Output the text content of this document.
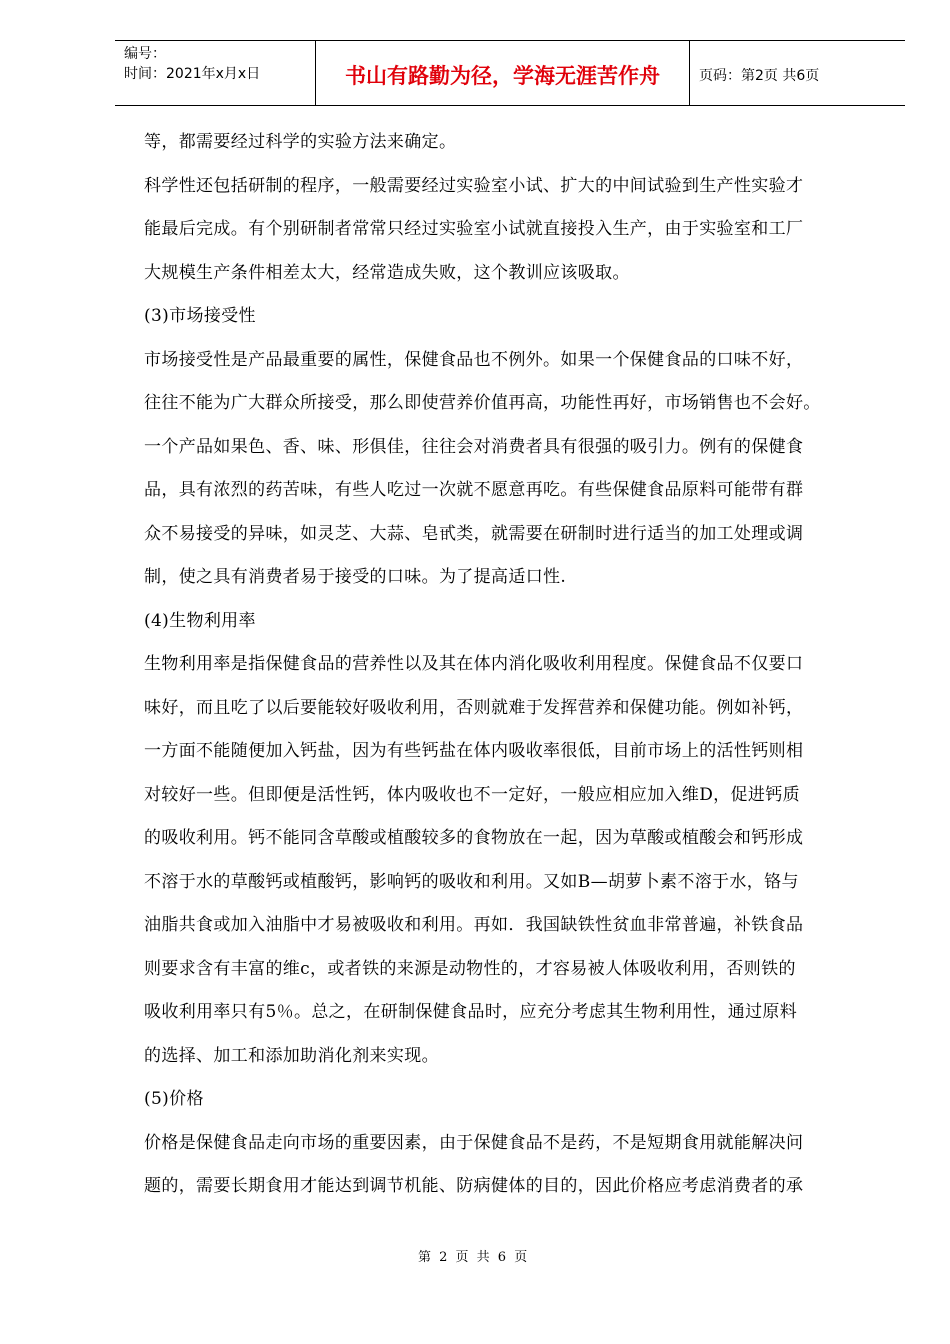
编号：
时间：2021年x月x日	书山有路勤为径，学海无涯苦作舟	页码：第2页 共6页
等，都需要经过科学的实验方法来确定。
科学性还包括研制的程序，一般需要经过实验室小试、扩大的中间试验到生产性实验才
能最后完成。有个别研制者常常只经过实验室小试就直接投入生产，由于实验室和工厂
大规模生产条件相差太大，经常造成失败，这个教训应该吸取。
(3)市场接受性
市场接受性是产品最重要的属性，保健食品也不例外。如果一个保健食品的口味不好，
往往不能为广大群众所接受，那么即使营养价值再高，功能性再好，市场销售也不会好。
一个产品如果色、香、味、形俱佳，往往会对消费者具有很强的吸引力。例有的保健食
品，具有浓烈的药苦味，有些人吃过一次就不愿意再吃。有些保健食品原料可能带有群
众不易接受的异味，如灵芝、大蒜、皂甙类，就需要在研制时进行适当的加工处理或调
制，使之具有消费者易于接受的口味。为了提高适口性.
(4)生物利用率
生物利用率是指保健食品的营养性以及其在体内消化吸收利用程度。保健食品不仅要口
味好，而且吃了以后要能较好吸收利用，否则就难于发挥营养和保健功能。例如补钙，
一方面不能随便加入钙盐，因为有些钙盐在体内吸收率很低，目前市场上的活性钙则相
对较好一些。但即便是活性钙，体内吸收也不一定好，一般应相应加入维D，促进钙质
的吸收利用。钙不能同含草酸或植酸较多的食物放在一起，因为草酸或植酸会和钙形成
不溶于水的草酸钙或植酸钙，影响钙的吸收和利用。又如B—胡萝卜素不溶于水，铬与
油脂共食或加入油脂中才易被吸收和利用。再如．我国缺铁性贫血非常普遍，补铁食品
则要求含有丰富的维c，或者铁的来源是动物性的，才容易被人体吸收利用，否则铁的
吸收利用率只有5％。总之，在研制保健食品时，应充分考虑其生物利用性，通过原料
的选择、加工和添加助消化剂来实现。
(5)价格
价格是保健食品走向市场的重要因素，由于保健食品不是药，不是短期食用就能解决问
题的，需要长期食用才能达到调节机能、防病健体的目的，因此价格应考虑消费者的承
第 2 页 共 6 页
